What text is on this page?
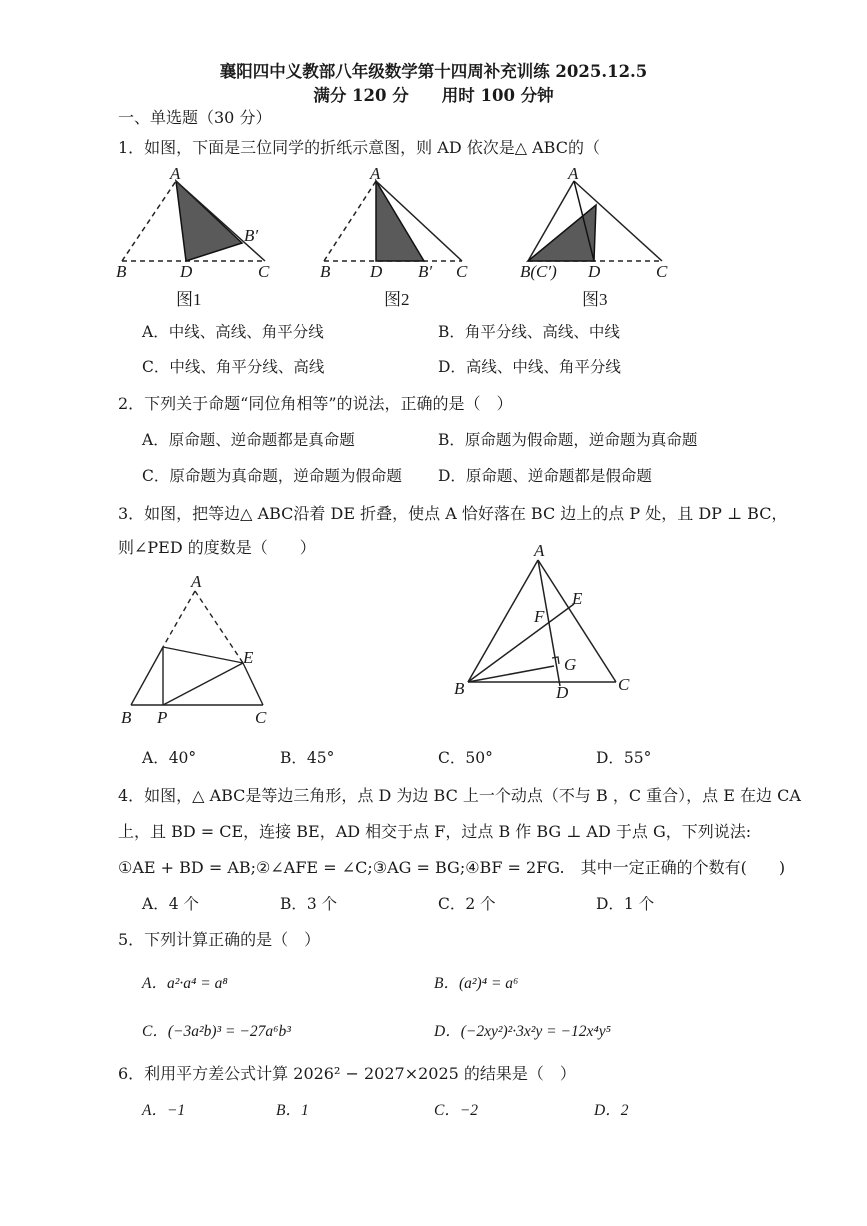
襄阳四中义教部八年级数学第十四周补充训练 2025.12.5
满分 120 分　　用时 100 分钟
一、单选题（30 分）
1．如图，下面是三位同学的折纸示意图，则 AD 依次是△ ABC的（
A
B	D
B′
C
图1
A
B D B′ C
图2
A
B(C′) D	C
图3
A．中线、高线、角平分线	B．角平分线、高线、中线
C．中线、角平分线、高线	D．高线、中线、角平分线
2．下列关于命题“同位角相等”的说法，正确的是（　）
A．原命题、逆命题都是真命题	B．原命题为假命题，逆命题为真命题
C．原命题为真命题，逆命题为假命题 D．原命题、逆命题都是假命题
3．如图，把等边△ ABC沿着 DE 折叠，使点 A 恰好落在 BC 边上的点 P 处，且 DP ⊥ BC，
则∠PED 的度数是（　　）
A
E
B P	C
A
E
F
G
B	D	C
A．40°	B．45°	C．50°	D．55°
4．如图，△ ABC是等边三角形，点 D 为边 BC 上一个动点（不与 B ，C 重合），点 E 在边 CA
上，且 BD = CE，连接 BE，AD 相交于点 F，过点 B 作 BG ⊥ AD 于点 G，下列说法:
①AE + BD = AB;②∠AFE = ∠C;③AG = BG;④BF = 2FG.　其中一定正确的个数有(　　)
A．4 个	B．3 个	C．2 个	D．1 个
5．下列计算正确的是（　）
A．a²·a⁴ = a⁸	B．(a²)⁴ = a⁶
C．(−3a²b)³ = −27a⁶b³	D．(−2xy²)²·3x²y = −12x⁴y⁵
6．利用平方差公式计算 2026² − 2027×2025 的结果是（　）
A．−1	B．1	C．−2	D．2
